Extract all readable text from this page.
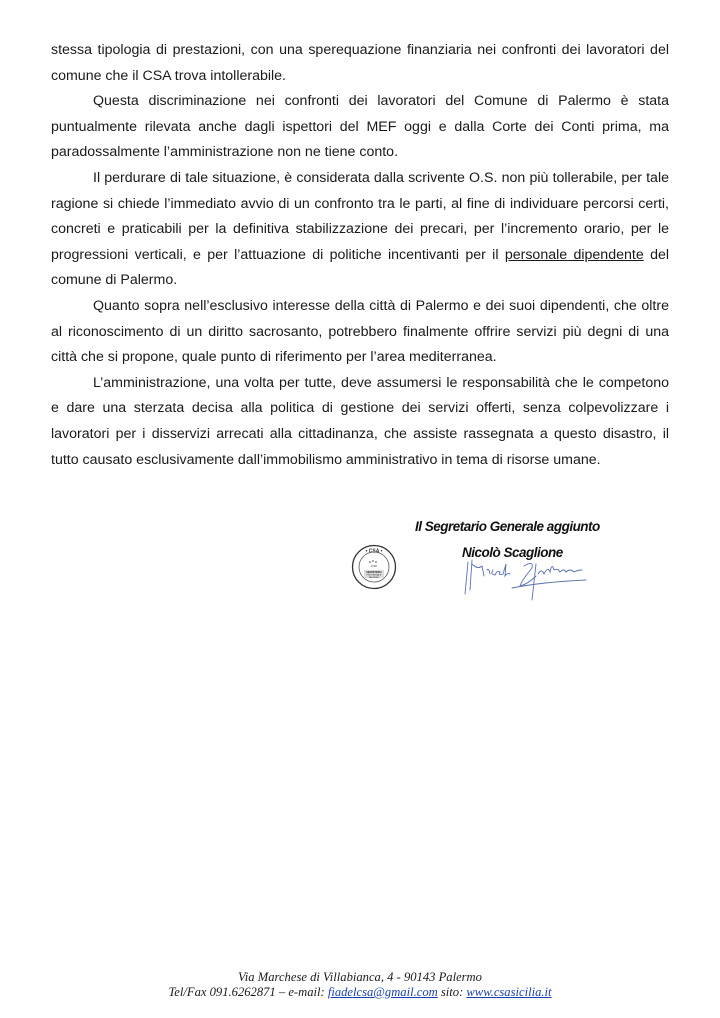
stessa tipologia di prestazioni, con una sperequazione finanziaria nei confronti dei lavoratori del comune che il CSA trova intollerabile.

Questa discriminazione nei confronti dei lavoratori del Comune di Palermo è stata puntualmente rilevata anche dagli ispettori del MEF oggi e dalla Corte dei Conti prima, ma paradossalmente l’amministrazione non ne tiene conto.

Il perdurare di tale situazione, è considerata dalla scrivente O.S. non più tollerabile, per tale ragione si chiede l’immediato avvio di un confronto tra le parti, al fine di individuare percorsi certi, concreti e praticabili per la definitiva stabilizzazione dei precari, per l’incremento orario, per le progressioni verticali, e per l’attuazione di politiche incentivanti per il personale dipendente del comune di Palermo.

Quanto sopra nell’esclusivo interesse della città di Palermo e dei suoi dipendenti, che oltre al riconoscimento di un diritto sacrosanto, potrebbero finalmente offrire servizi più degni di una città che si propone, quale punto di riferimento per l’area mediterranea.

L’amministrazione, una volta per tutte, deve assumersi le responsabilità che le competono e dare una sterzata decisa alla politica di gestione dei servizi offerti, senza colpevolizzare i lavoratori per i disservizi arrecati alla cittadinanza, che assiste rassegnata a questo disastro, il tutto causato esclusivamente dall’immobilismo amministrativo in tema di risorse umane.

Il Segretario Generale aggiunto
Nicolò Scaglione
• CSA •
CSP
SEGRETERIA
PROVINCIALE
PALERMO
Via Marchese di Villabianca, 4 - 90143 Palermo
Tel/Fax 091.6262871 – e-mail: fiadelcsa@gmail.com sito: www.csasicilia.it
